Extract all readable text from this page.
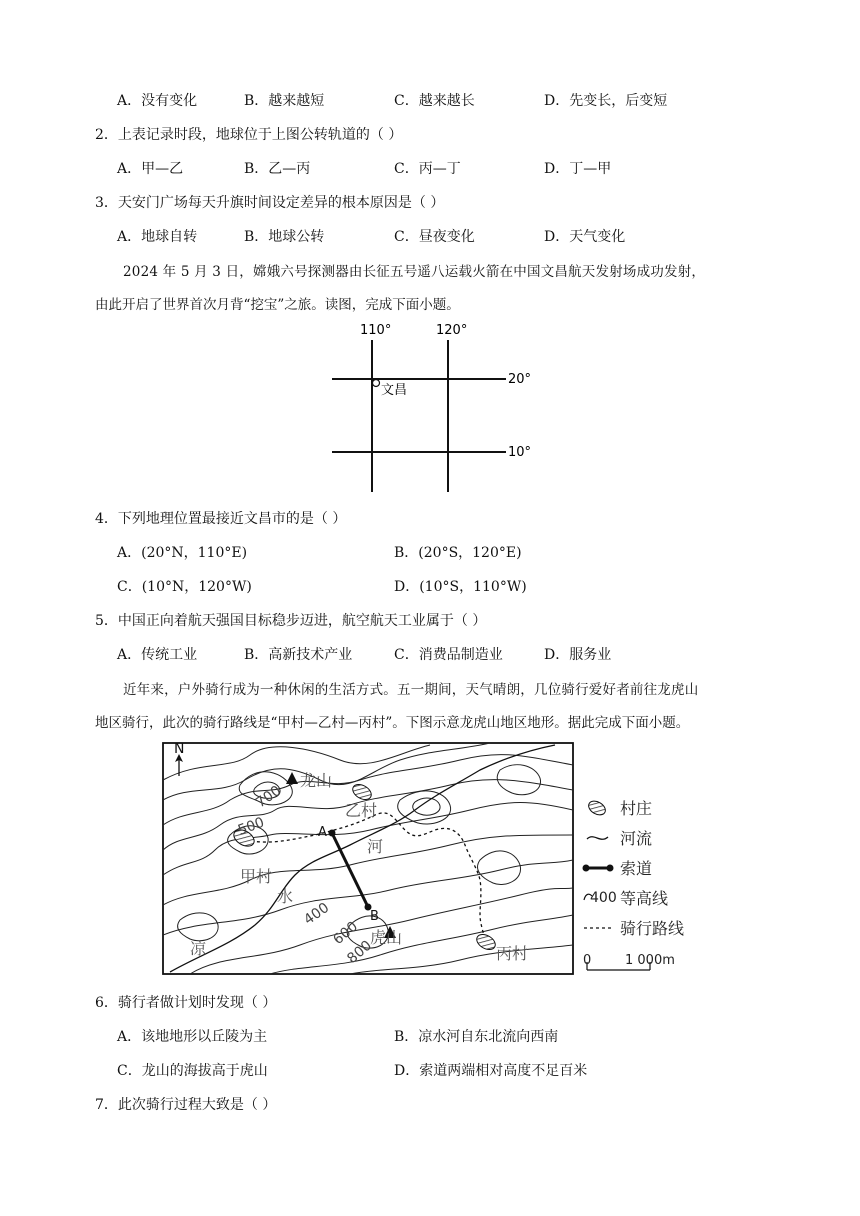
A．没有变化	B．越来越短	C．越来越长	D．先变长，后变短
2．上表记录时段，地球位于上图公转轨道的（ ）
A．甲—乙	B．乙—丙	C．丙—丁	D．丁—甲
3．天安门广场每天升旗时间设定差异的根本原因是（ ）
A．地球自转	B．地球公转	C．昼夜变化	D．天气变化
2024 年 5 月 3 日，嫦娥六号探测器由长征五号遥八运载火箭在中国文昌航天发射场成功发射，
由此开启了世界首次月背“挖宝”之旅。读图，完成下面小题。
110°	120°
20°
10°
文昌
4．下列地理位置最接近文昌市的是（ ）
A．(20°N，110°E)	B．(20°S，120°E)
C．(10°N，120°W)	D．(10°S，110°W)
5．中国正向着航天强国目标稳步迈进，航空航天工业属于（ ）
A．传统工业	B．高新技术产业	C．消费品制造业	D．服务业
近年来，户外骑行成为一种休闲的生活方式。五一期间，天气晴朗，几位骑行爱好者前往龙虎山
地区骑行，此次的骑行路线是“甲村—乙村—丙村”。下图示意龙虎山地区地形。据此完成下面小题。
N
龙山
虎山
甲村
乙村
丙村
凉
水
河
700
500
400
600
800
A
B
村庄
河流
索道
400 等高线
骑行路线
0	1 000m
6．骑行者做计划时发现（ ）
A．该地地形以丘陵为主	B．凉水河自东北流向西南
C．龙山的海拔高于虎山	D．索道两端相对高度不足百米
7．此次骑行过程大致是（ ）
